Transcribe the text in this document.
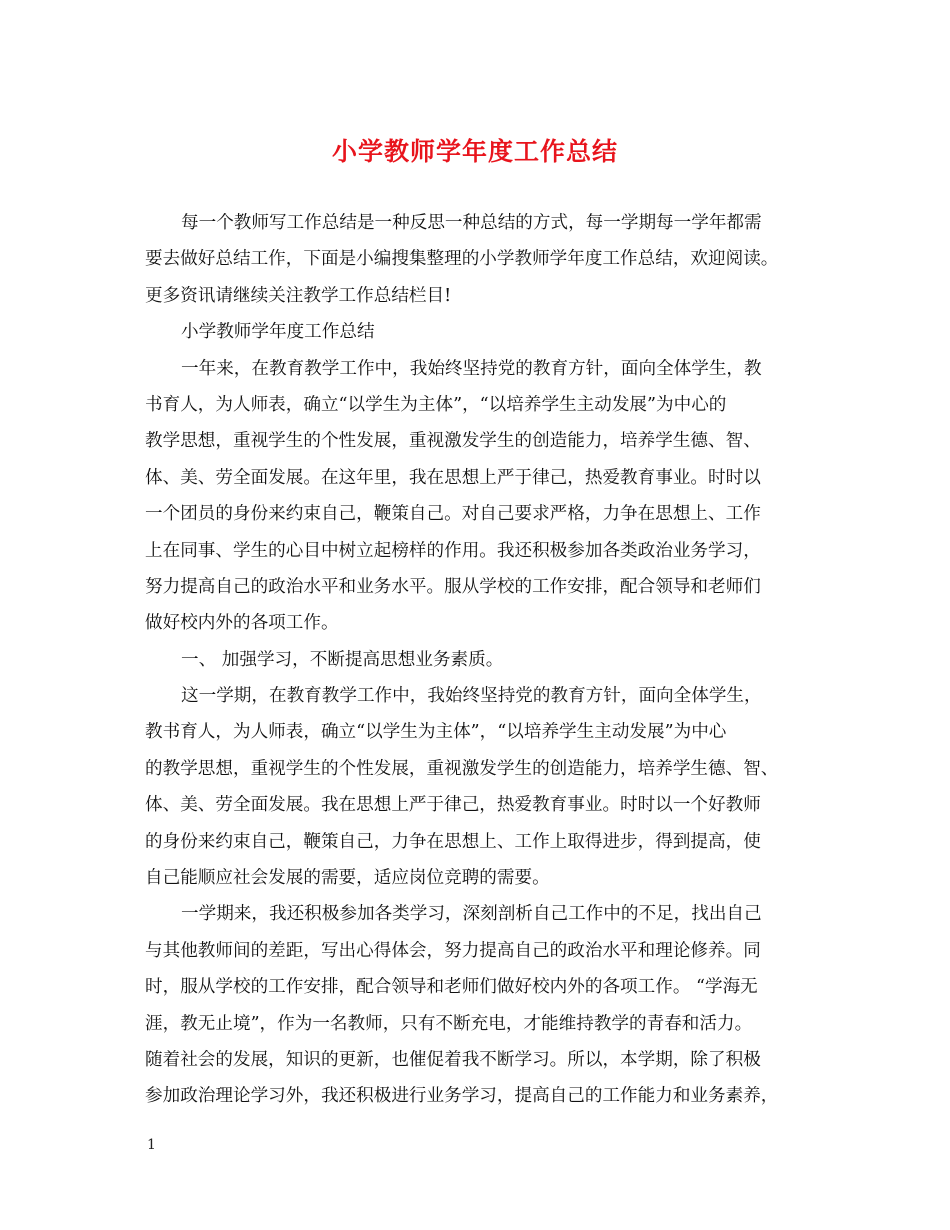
小学教师学年度工作总结
每一个教师写工作总结是一种反思一种总结的方式，每一学期每一学年都需
要去做好总结工作，下面是小编搜集整理的小学教师学年度工作总结，欢迎阅读。
更多资讯请继续关注教学工作总结栏目!
小学教师学年度工作总结
一年来，在教育教学工作中，我始终坚持党的教育方针，面向全体学生，教
书育人，为人师表，确立“以学生为主体”，“以培养学生主动发展”为中心的
教学思想，重视学生的个性发展，重视激发学生的创造能力，培养学生德、智、
体、美、劳全面发展。在这年里，我在思想上严于律己，热爱教育事业。时时以
一个团员的身份来约束自己，鞭策自己。对自己要求严格，力争在思想上、工作
上在同事、学生的心目中树立起榜样的作用。我还积极参加各类政治业务学习，
努力提高自己的政治水平和业务水平。服从学校的工作安排，配合领导和老师们
做好校内外的各项工作。
一、 加强学习，不断提高思想业务素质。
这一学期，在教育教学工作中，我始终坚持党的教育方针，面向全体学生，
教书育人，为人师表，确立“以学生为主体”，“以培养学生主动发展”为中心
的教学思想，重视学生的个性发展，重视激发学生的创造能力，培养学生德、智、
体、美、劳全面发展。我在思想上严于律己，热爱教育事业。时时以一个好教师
的身份来约束自己，鞭策自己，力争在思想上、工作上取得进步，得到提高，使
自己能顺应社会发展的需要，适应岗位竞聘的需要。
一学期来，我还积极参加各类学习，深刻剖析自己工作中的不足，找出自己
与其他教师间的差距，写出心得体会，努力提高自己的政治水平和理论修养。同
时，服从学校的工作安排，配合领导和老师们做好校内外的各项工作。 “学海无
涯，教无止境”，作为一名教师，只有不断充电，才能维持教学的青春和活力。
随着社会的发展，知识的更新，也催促着我不断学习。所以，本学期，除了积极
参加政治理论学习外，我还积极进行业务学习，提高自己的工作能力和业务素养，
1
